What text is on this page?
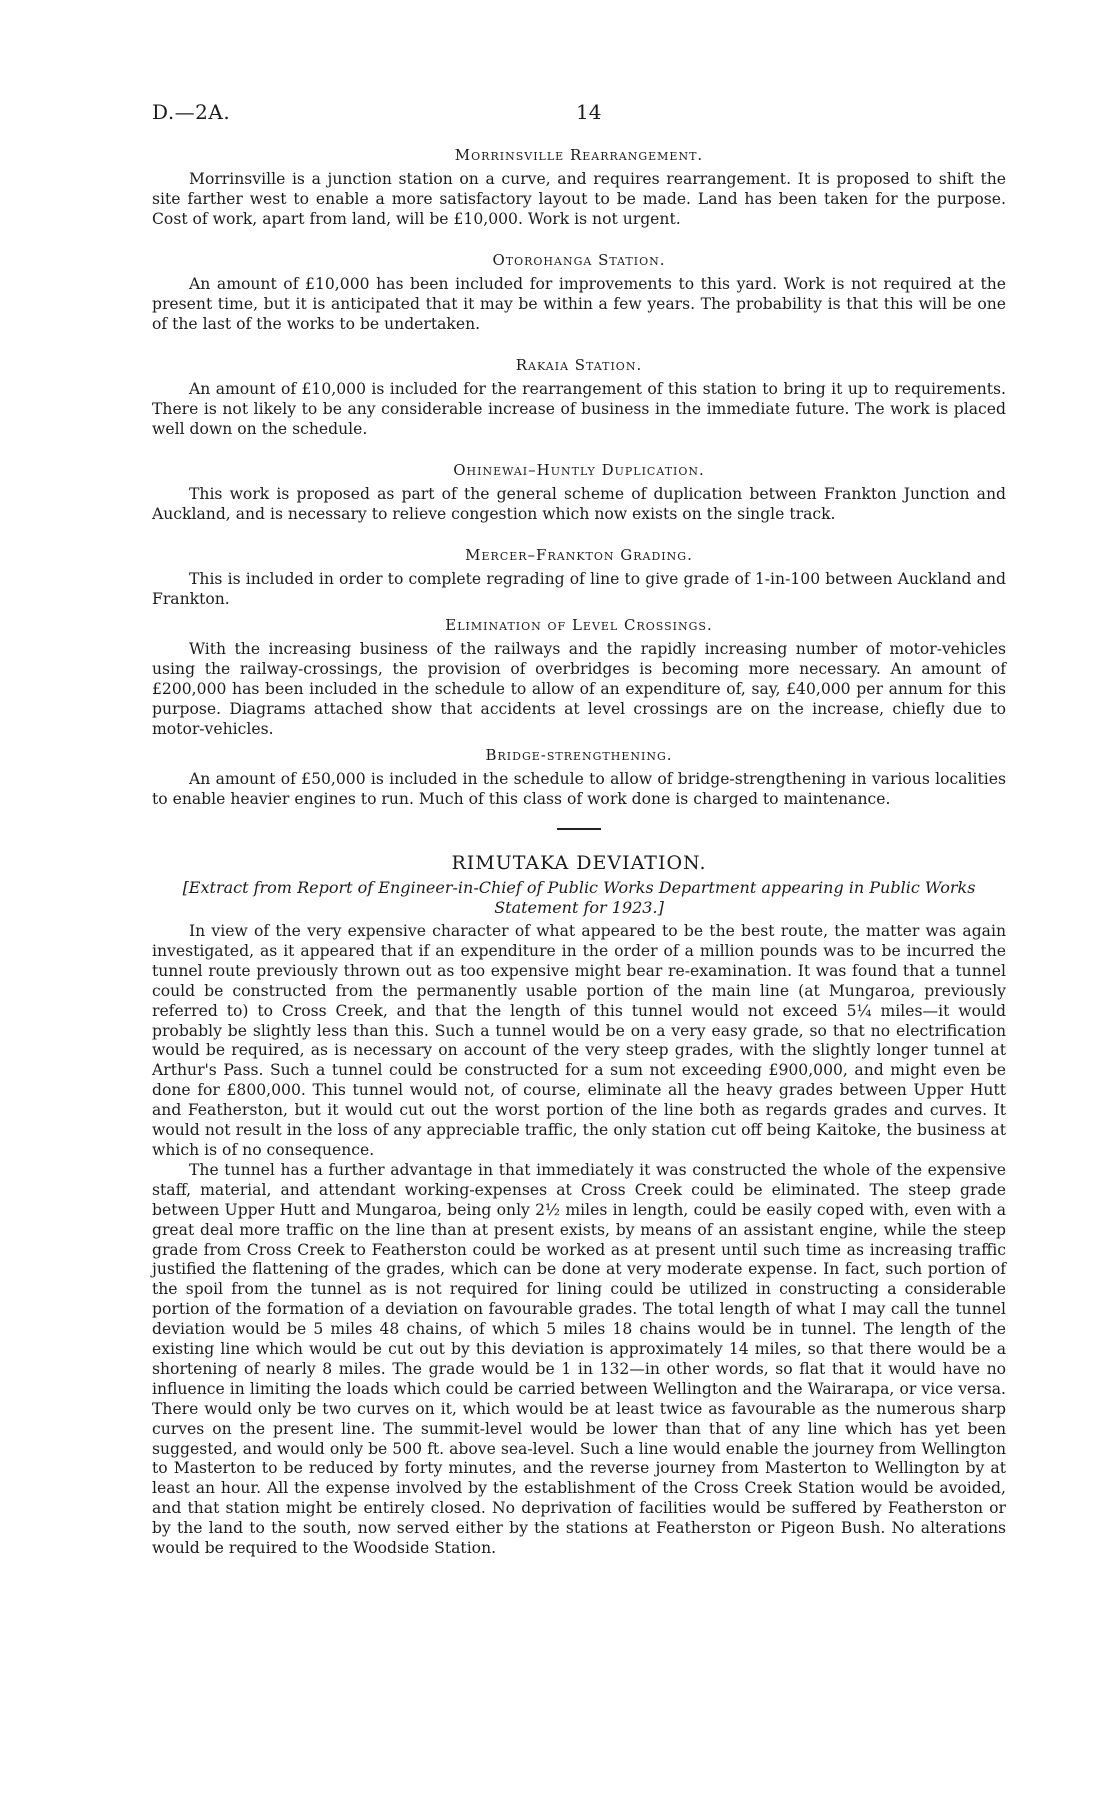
D.—2A.	14
Morrinsville Rearrangement.

Morrinsville is a junction station on a curve, and requires rearrangement. It is proposed to shift the site farther west to enable a more satisfactory layout to be made. Land has been taken for the purpose. Cost of work, apart from land, will be £10,000. Work is not urgent.

Otorohanga Station.

An amount of £10,000 has been included for improvements to this yard. Work is not required at the present time, but it is anticipated that it may be within a few years. The probability is that this will be one of the last of the works to be undertaken.

Rakaia Station.

An amount of £10,000 is included for the rearrangement of this station to bring it up to requirements. There is not likely to be any considerable increase of business in the immediate future. The work is placed well down on the schedule.

Ohinewai–Huntly Duplication.

This work is proposed as part of the general scheme of duplication between Frankton Junction and Auckland, and is necessary to relieve congestion which now exists on the single track.

Mercer–Frankton Grading.

This is included in order to complete regrading of line to give grade of 1-in-100 between Auckland and Frankton.

Elimination of Level Crossings.

With the increasing business of the railways and the rapidly increasing number of motor-vehicles using the railway-crossings, the provision of overbridges is becoming more necessary. An amount of £200,000 has been included in the schedule to allow of an expenditure of, say, £40,000 per annum for this purpose. Diagrams attached show that accidents at level crossings are on the increase, chiefly due to motor-vehicles.

Bridge-strengthening.

An amount of £50,000 is included in the schedule to allow of bridge-strengthening in various localities to enable heavier engines to run. Much of this class of work done is charged to maintenance.

RIMUTAKA DEVIATION.

[Extract from Report of Engineer-in-Chief of Public Works Department appearing in Public Works Statement for 1923.]

In view of the very expensive character of what appeared to be the best route, the matter was again investigated, as it appeared that if an expenditure in the order of a million pounds was to be incurred the tunnel route previously thrown out as too expensive might bear re-examination. It was found that a tunnel could be constructed from the permanently usable portion of the main line (at Mungaroa, previously referred to) to Cross Creek, and that the length of this tunnel would not exceed 5¼ miles—it would probably be slightly less than this. Such a tunnel would be on a very easy grade, so that no electrification would be required, as is necessary on account of the very steep grades, with the slightly longer tunnel at Arthur's Pass. Such a tunnel could be constructed for a sum not exceeding £900,000, and might even be done for £800,000. This tunnel would not, of course, eliminate all the heavy grades between Upper Hutt and Featherston, but it would cut out the worst portion of the line both as regards grades and curves. It would not result in the loss of any appreciable traffic, the only station cut off being Kaitoke, the business at which is of no consequence.

The tunnel has a further advantage in that immediately it was constructed the whole of the expensive staff, material, and attendant working-expenses at Cross Creek could be eliminated. The steep grade between Upper Hutt and Mungaroa, being only 2½ miles in length, could be easily coped with, even with a great deal more traffic on the line than at present exists, by means of an assistant engine, while the steep grade from Cross Creek to Featherston could be worked as at present until such time as increasing traffic justified the flattening of the grades, which can be done at very moderate expense. In fact, such portion of the spoil from the tunnel as is not required for lining could be utilized in constructing a considerable portion of the formation of a deviation on favourable grades. The total length of what I may call the tunnel deviation would be 5 miles 48 chains, of which 5 miles 18 chains would be in tunnel. The length of the existing line which would be cut out by this deviation is approximately 14 miles, so that there would be a shortening of nearly 8 miles. The grade would be 1 in 132—in other words, so flat that it would have no influence in limiting the loads which could be carried between Wellington and the Wairarapa, or vice versa. There would only be two curves on it, which would be at least twice as favourable as the numerous sharp curves on the present line. The summit-level would be lower than that of any line which has yet been suggested, and would only be 500 ft. above sea-level. Such a line would enable the journey from Wellington to Masterton to be reduced by forty minutes, and the reverse journey from Masterton to Wellington by at least an hour. All the expense involved by the establishment of the Cross Creek Station would be avoided, and that station might be entirely closed. No deprivation of facilities would be suffered by Featherston or by the land to the south, now served either by the stations at Featherston or Pigeon Bush. No alterations would be required to the Woodside Station.
